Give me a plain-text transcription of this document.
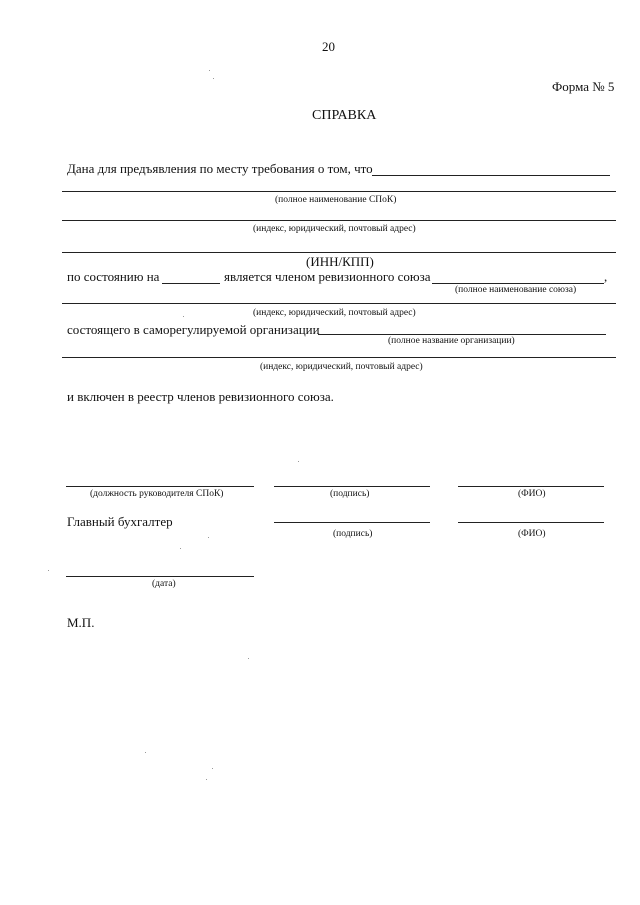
20
Форма № 5
СПРАВКА
Дана для предъявления по месту требования о том, что
(полное наименование СПоК)
(индекс, юридический, почтовый адрес)
(ИНН/КПП)
по состоянию на	является членом ревизионного союза	,
(полное наименование союза)
(индекс, юридический, почтовый адрес)
состоящего в саморегулируемой организации
(полное название организации)
(индекс, юридический, почтовый адрес)
и включен в реестр членов ревизионного союза.
(должность руководителя СПоК)	(подпись)	(ФИО)
Главный бухгалтер
(подпись)	(ФИО)
(дата)
М.П.
